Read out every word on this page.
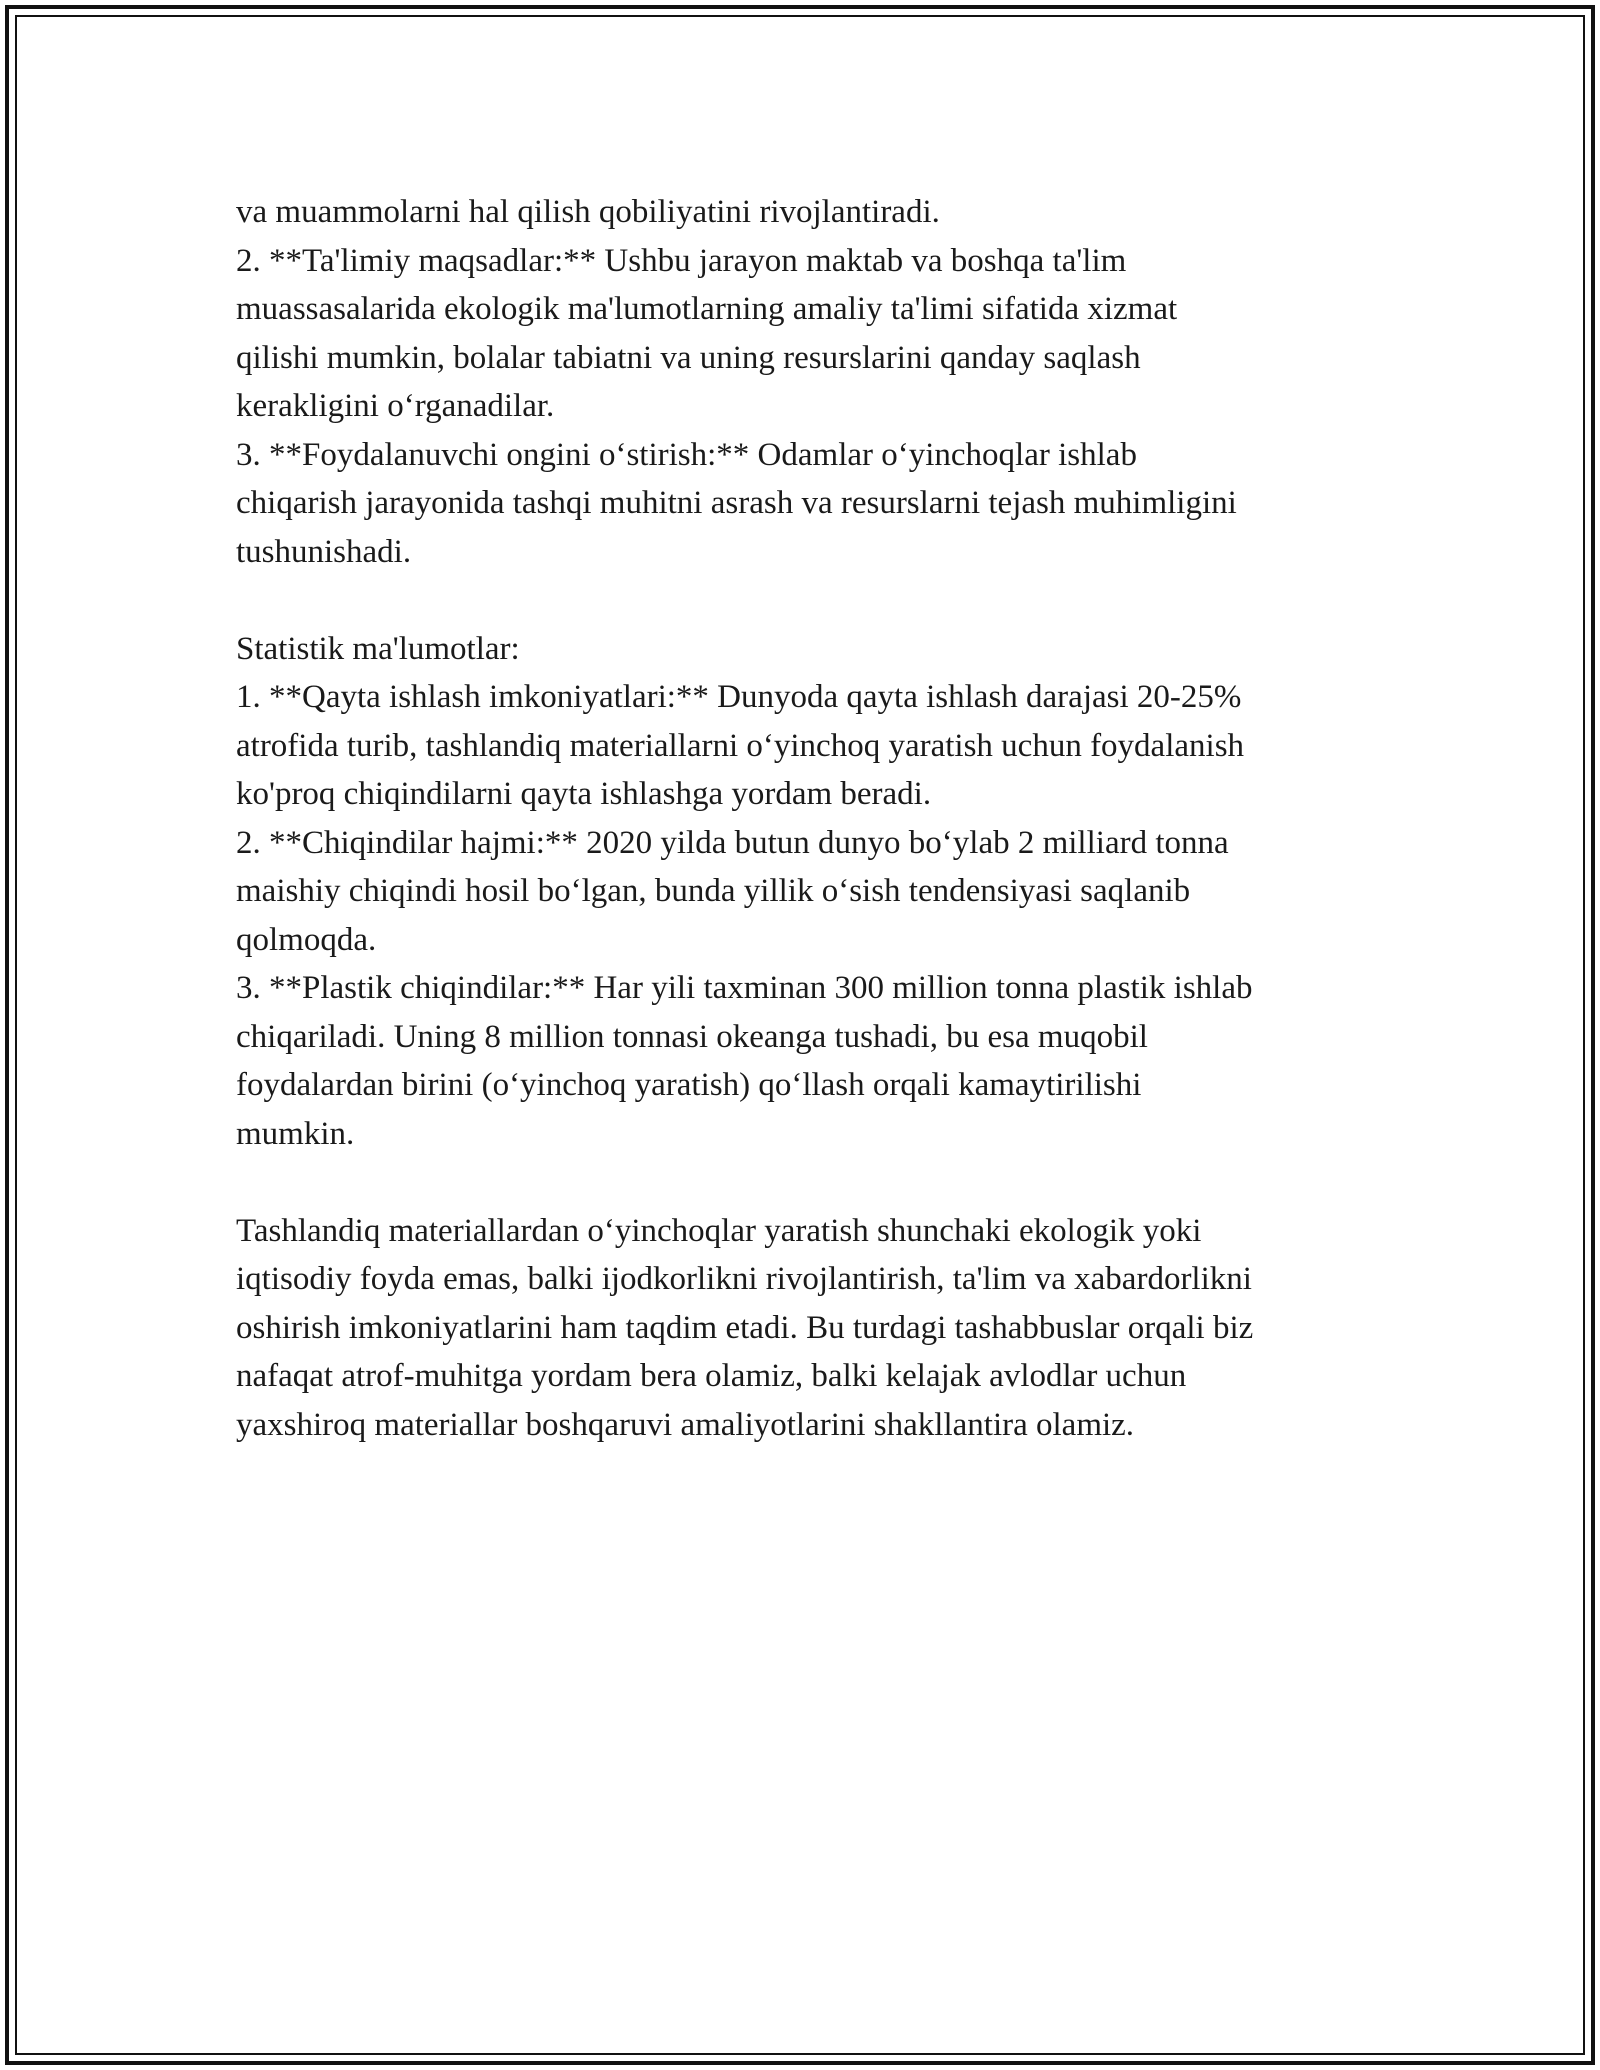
va muammolarni hal qilish qobiliyatini rivojlantiradi.

2. **Ta'limiy maqsadlar:** Ushbu jarayon maktab va boshqa ta'lim

muassasalarida ekologik ma'lumotlarning amaliy ta'limi sifatida xizmat

qilishi mumkin, bolalar tabiatni va uning resurslarini qanday saqlash

kerakligini o‘rganadilar.

3. **Foydalanuvchi ongini o‘stirish:** Odamlar o‘yinchoqlar ishlab

chiqarish jarayonida tashqi muhitni asrash va resurslarni tejash muhimligini

tushunishadi.

Statistik ma'lumotlar:

1. **Qayta ishlash imkoniyatlari:** Dunyoda qayta ishlash darajasi 20-25%

atrofida turib, tashlandiq materiallarni o‘yinchoq yaratish uchun foydalanish

ko'proq chiqindilarni qayta ishlashga yordam beradi.

2. **Chiqindilar hajmi:** 2020 yilda butun dunyo bo‘ylab 2 milliard tonna

maishiy chiqindi hosil bo‘lgan, bunda yillik o‘sish tendensiyasi saqlanib

qolmoqda.

3. **Plastik chiqindilar:** Har yili taxminan 300 million tonna plastik ishlab

chiqariladi. Uning 8 million tonnasi okeanga tushadi, bu esa muqobil

foydalardan birini (o‘yinchoq yaratish) qo‘llash orqali kamaytirilishi

mumkin.

Tashlandiq materiallardan o‘yinchoqlar yaratish shunchaki ekologik yoki

iqtisodiy foyda emas, balki ijodkorlikni rivojlantirish, ta'lim va xabardorlikni

oshirish imkoniyatlarini ham taqdim etadi. Bu turdagi tashabbuslar orqali biz

nafaqat atrof-muhitga yordam bera olamiz, balki kelajak avlodlar uchun

yaxshiroq materiallar boshqaruvi amaliyotlarini shakllantira olamiz.
